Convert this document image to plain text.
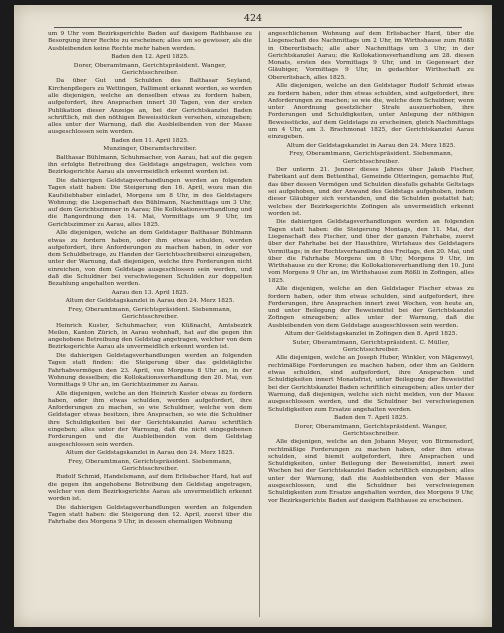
424

um 9 Uhr vom Bezirksgerichte Baden auf dasigem Rathhause zu Besorgung ihrer Rechte zu erscheinen; alles um so gewisser, als die Ausbleibenden keine Rechte mehr haben werden.

Baden den 12. April 1825.

Dorer, Oberamtmann, Gerichtspräsident. Wanger, Gerichtsschreiber.

Da über Gut und Schulden des Balthasar Seyland, Kirchenpflegers zu Wettingen, Falliment erkannt worden, so werden alle diejenigen, welche an denselben etwas zu fordern haben, aufgefordert, ihre Ansprachen innert 30 Tagen, von der ersten Publikation dieser Anzeige an, bei der Gerichtskanzlei Baden schriftlich, mit den nöthigen Beweisstücken versehen, einzugeben; alles unter der Warnung, daß die Ausbleibenden von der Masse ausgeschlossen sein werden.

Baden den 11. April 1825.

Munzinger, Oberamtschreiber.

Balthasar Bühlmann, Schuhmacher, von Aarau, hat auf die gegen ihn erfolgte Betreibung des Geldstags angetragen, welches vom Bezirksgerichte Aarau als unvermeidlich erkennt worden ist.

Die dahierigen Geldstagsverhandlungen werden an folgenden Tagen statt haben: Die Steigerung den 16. April, wozu man die Kaufsliebhaber einladet, Morgens um 8 Uhr, in des Geldstagers Wohnung; die Liegenschaft des Bühlmann, Nachmittags um 3 Uhr, auf dem Gerichtszimmer in Aarau; Die Kollokationsverhandlung und die Rangordnung den 14. Mai, Vormittags um 9 Uhr, im Gerichtszimmer zu Aarau, alles 1825.

Alle diejenigen, welche an dem Geldstager Balthasar Bühlmann etwas zu fordern haben, oder ihm etwas schulden, werden aufgefordert, ihre Anforderungen zu machen haben, in oder vor dem Schuldbetrage, zu Handen der Gerichtsschreiberei einzugeben, unter der Warnung, daß diejenigen, welche ihre Forderungen nicht einreichen, von dem Geldstage ausgeschlossen sein werden, und daß die Schuldner bei verschwiegenen Schulden zur doppelten Bezahlung angehalten werden.

Aarau den 13. April 1825.

Altum der Geldstagskanzlei in Aarau den 24. Merz 1825.

Frey, Oberamtmann, Gerichtspräsident. Siebenmann, Gerichtsschreiber.

Heinrich Kuster, Schuhmacher, von Küßnacht, Amtsbezirk Meilen, Kanton Zürich, in Aarau wohnhaft, hat auf die gegen ihn angehobene Betreibung den Geldstag angetragen, welcher von dem Bezirksgerichte Aarau als unvermeidlich erkennt worden ist.

Die dahierigen Geldstagsverhandlungen werden an folgenden Tagen statt finden: die Steigerung über das geldstägliche Fahrhabvermögen den 23. April, von Morgens 8 Uhr an, in der Wohnung desselben; die Kollokationsverhandlung den 20. Mai, von Vormittags 9 Uhr an, im Gerichtszimmer zu Aarau.

Alle diejenigen, welche an den Heinrich Kuster etwas zu fordern haben, oder ihm etwas schulden, werden aufgefordert, ihre Anforderungen zu machen, so wie Schuldner, welche von dem Geldstager etwas besitzen, ihre Ansprachen, so wie die Schuldner ihre Schuldigkeiten bei der Gerichtskanzlei Aarau schriftlich eingeben; alles unter der Warnung, daß die nicht eingegebenen Forderungen und die Ausbleibenden von dem Geldstag ausgeschlossen sein werden.

Altum der Geldstagskanzlei in Aarau den 24. Merz 1825.

Frey, Oberamtmann, Gerichtspräsident. Siebenmann, Gerichtsschreiber.

Rudolf Schmid, Handelsmann, auf dem Erlisbacher Hard, hat auf die gegen ihn angehobene Betreibung den Geldstag angetragen, welcher von dem Bezirksgerichte Aarau als unvermeidlich erkennt worden ist.

Die dahierigen Geldstagsverhandlungen werden an folgenden Tagen statt haben: die Steigerung den 12. April, zuerst über die Fahrhabe des Morgens 9 Uhr, in dessen ehemaligen Wohnung

angeschlichenen Wohnung auf dem Erlisbacher Hard, über die Liegenschaft des Nachmittags um 2 Uhr, im Wirthshause zum Rößli in Obererlisbach; alle aber Nachmittags um 3 Uhr, in der Gerichtskanzlei Aarau; die Kollokationsverhandlung am 28. diesen Monats, ersten des Vormittags 9 Uhr, und in Gegenwart der Gläubiger, Vormittags 9 Uhr, in gedachter Wirthschaft zu Obererlisbach, alles 1825.

Alle diejenigen, welche an den Geldstager Rudolf Schmid etwas zu fordern haben, oder ihm etwas schulden, sind aufgefordert, ihre Anforderungen zu machen; so wie die, welche dem Schuldner, wenn unter Anordnung gesetzlicher Strafe auszuerhoben, ihre Forderungen und Schuldigkeiten, unter Anlegung der nöthigen Beweisstücke, auf dem Geldstage zu erscheinen, gleich Nachmittags um 4 Uhr, am 3. Brachmonat 1825, der Gerichtskanzlei Aarau einzugeben.

Altum der Geldstagskanzlei in Aarau den 24. Merz 1825.

Frey, Oberamtmann, Gerichtspräsident. Siebenmann, Gerichtsschreiber.

Der unterm 21. Jenner dieses Jahres über Jakob Fischer, Fabrikant auf dem Bettenthal, Gemeinde Otteringen, gemachte Ruf, das über dessen Vermögen und Schulden diesfalls gehabte Geltstags sei aufgehoben, und der Anwand des Geldstags aufgehoben, indem dieser Gläubiger sich verstanden, und die Schulden gestattet hat; welches der Bezirksgerichte Zofingen als unvermeidlich erkennt worden ist.

Die dahierigen Geldstagsverhandlungen werden an folgenden Tagen statt haben: die Steigerung Montags, den 11. Mai, der Liegenschaft des Fischer, und über der ganzen Fahrhabe, zuerst über der Fahrhabe bei der Hausthüre, Wirtshaus des Geldstagers Vormittags; in der Rechtsverhandlung des Freitags, den 20. Mai, und über die Fahrhabe Morgens um 8 Uhr, Morgens 9 Uhr, im Wirthshause zu der Krone; die Kollokationsverhandlung den 10. Juni vom Morgens 9 Uhr an, im Wirthshause zum Rößli in Zofingen, alles 1825.

Alle diejenigen, welche an den Geldstager Fischer etwas zu fordern haben, oder ihm etwas schulden, sind aufgefordert, ihre Forderungen, ihre Ansprachen innert zwei Wochen, von heute an, und unter Beilegung der Beweismittel bei der Gerichtskanzlei Zofingen einzugeben; alles unter der Warnung, daß die Ausbleibenden von dem Geldstage ausgeschlossen sein werden.

Altum der Geldstagskanzlei in Zofingen den 8. April 1825.

Suter, Oberamtmann, Gerichtspräsident. C. Müller, Gerichtsschreiber.

Alle diejenigen, welche an Joseph Huber, Winkler, von Mägenwyl, rechtmäßige Forderungen zu machen haben, oder ihm an Geldern etwas schulden, sind aufgefordert, ihre Ansprachen und Schuldigkeiten innert Monatsfrist, unter Beilegung der Beweistitel bei der Gerichtskanzlei Baden schriftlich einzugeben; alles unter der Warnung, daß diejenigen, welche sich nicht melden, von der Masse ausgeschlossen werden, und die Schuldner bei verschwiegenen Schuldigkeiten zum Ersatze angehalten werden.

Baden den 7. April 1825.

Dorer, Oberamtmann, Gerichtspräsident. Wanger, Gerichtsschreiber.

Alle diejenigen, welche an den Johann Meyer, von Birmensdorf, rechtmäßige Forderungen zu machen haben, oder ihm etwas schulden, sind hiemit aufgefordert, ihre Ansprachen und Schuldigkeiten, unter Beilegung der Beweismittel, innert zwei Wochen bei der Gerichtskanzlei Baden schriftlich einzugeben; alles unter der Warnung, daß die Ausbleibenden von der Masse ausgeschlossen, und die Schuldner bei verschwiegenen Schuldigkeiten zum Ersatze angehalten werden, des Morgens 9 Uhr, vor Bezirksgerichte Baden auf dasigem Rathhause zu erscheinen.
